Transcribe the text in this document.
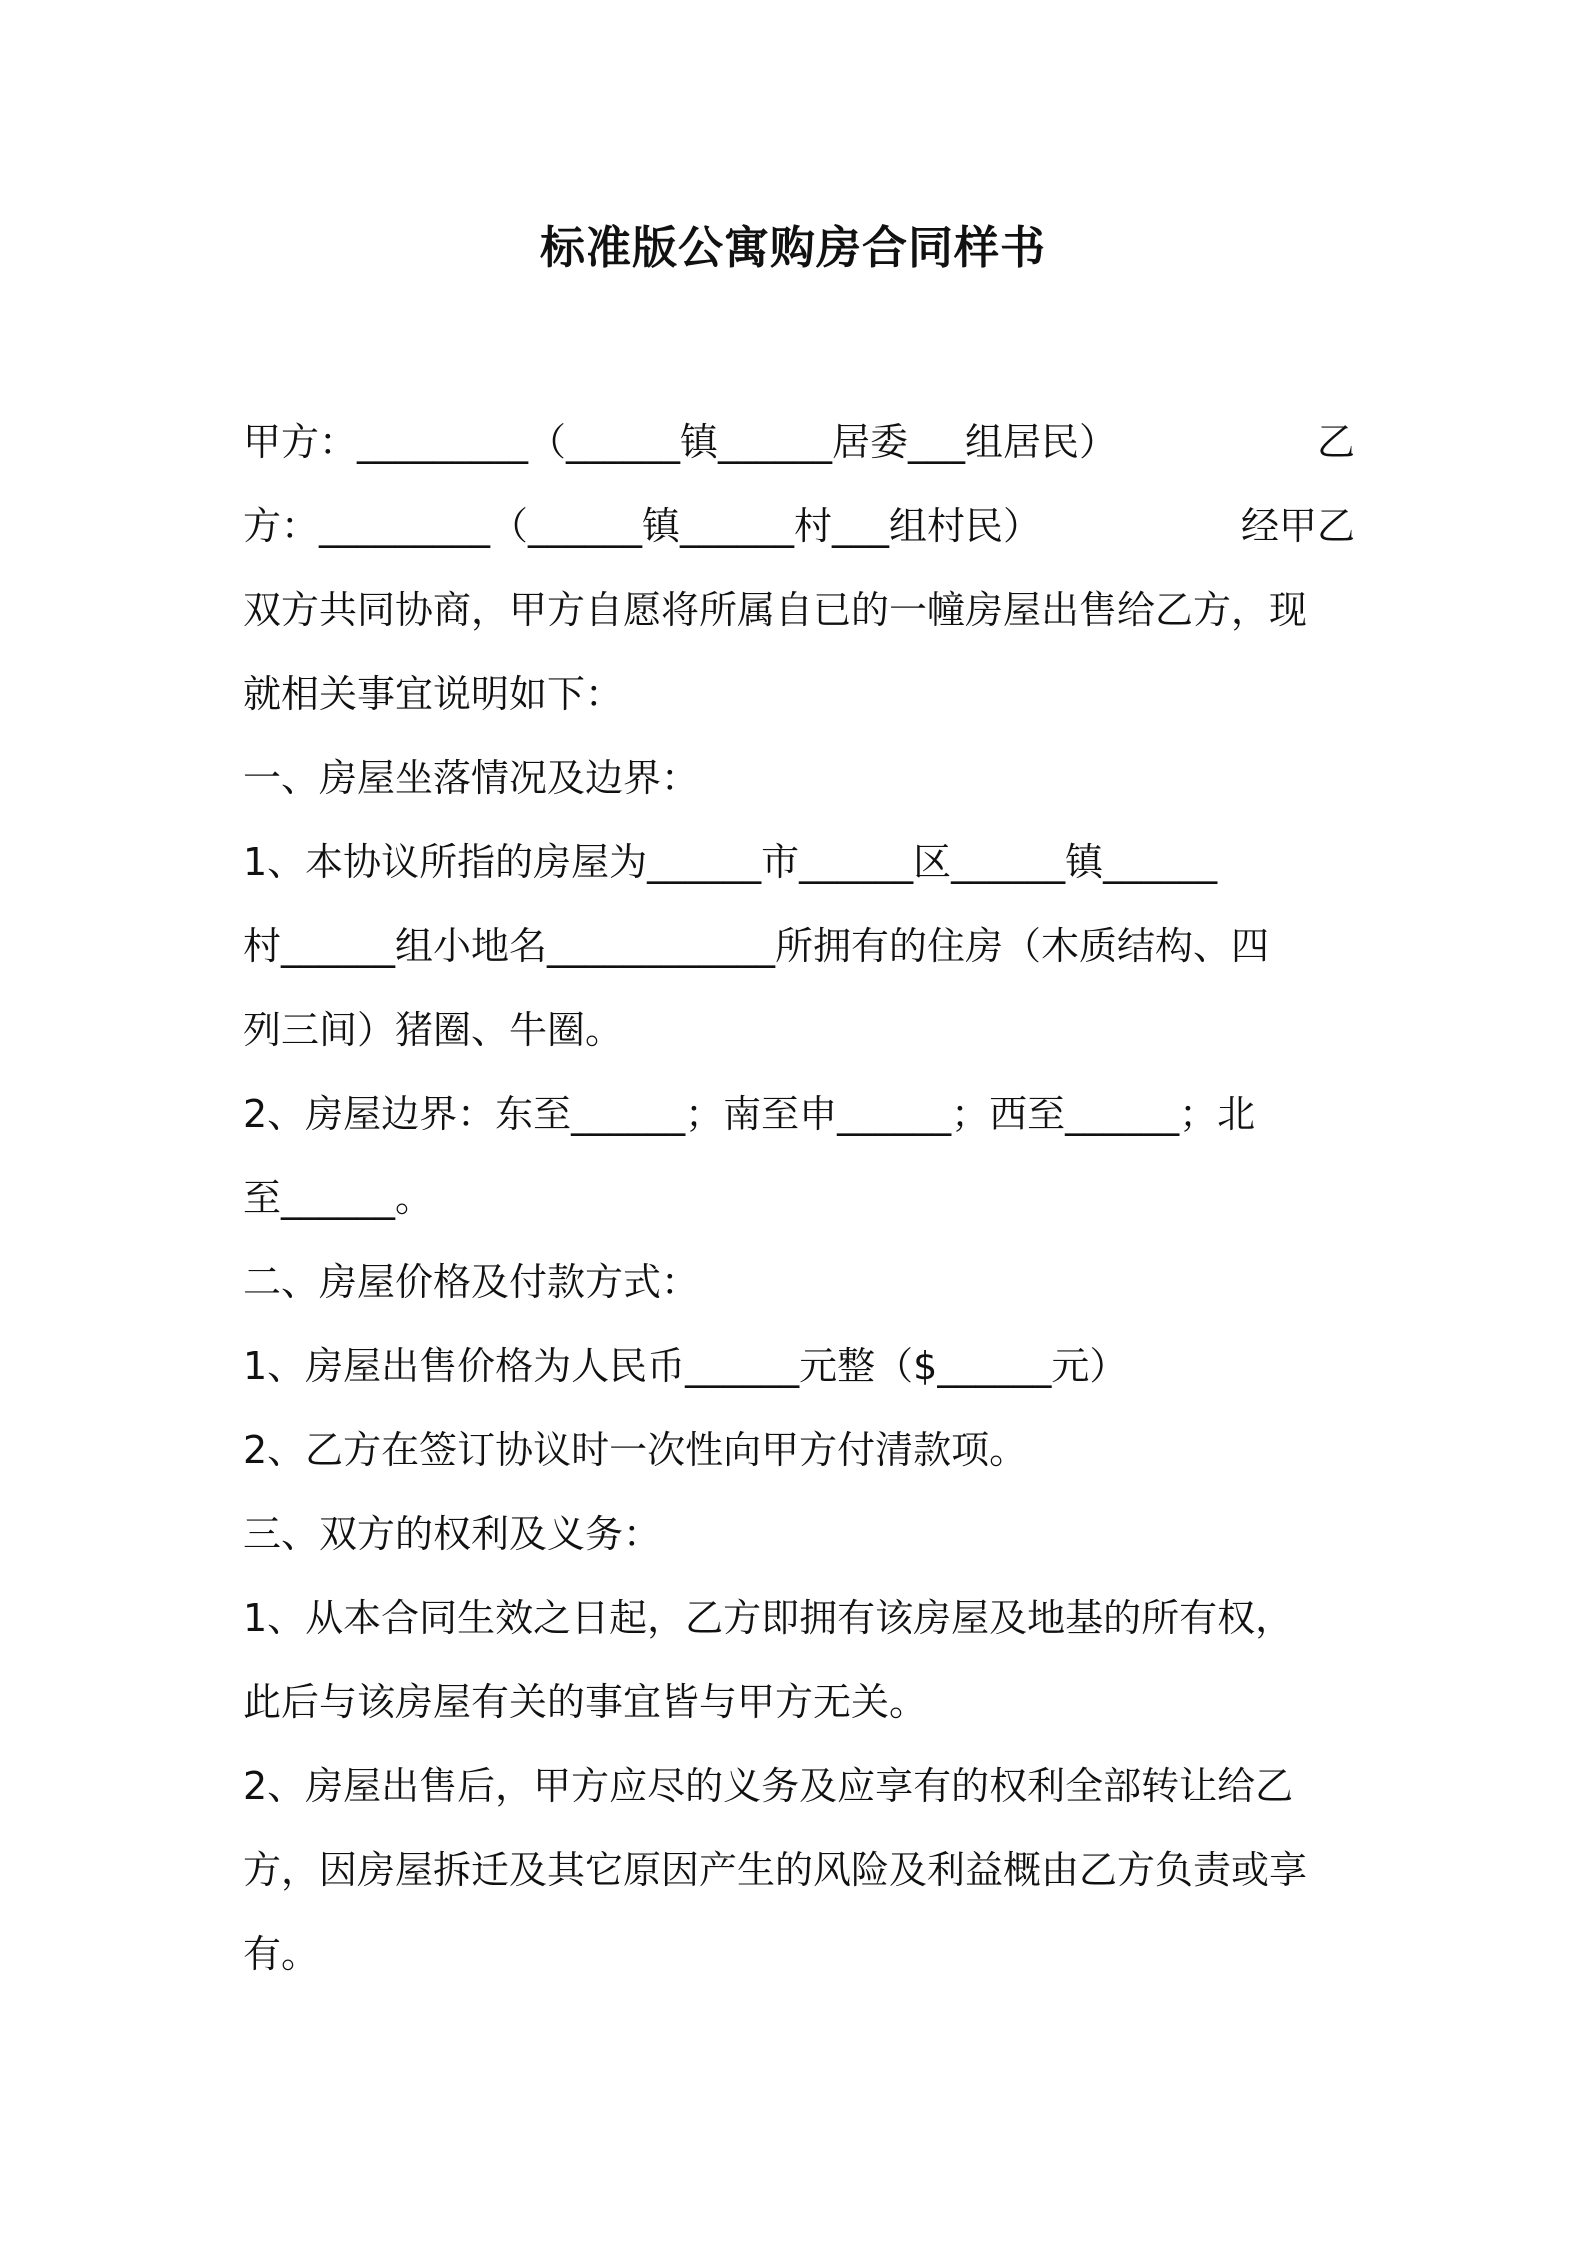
标准版公寓购房合同样书
甲方：_________（______镇______居委___组居民）	乙
方：_________（______镇______村___组村民）	经甲乙
双方共同协商，甲方自愿将所属自已的一幢房屋出售给乙方，现
就相关事宜说明如下：
一、房屋坐落情况及边界：
1、本协议所指的房屋为______市______区______镇______
村______组小地名____________所拥有的住房（木质结构、四
列三间）猪圈、牛圈。
2、房屋边界：东至______；南至申______；西至______；北
至______。
二、房屋价格及付款方式：
1、房屋出售价格为人民币______元整（$______元）
2、乙方在签订协议时一次性向甲方付清款项。
三、双方的权利及义务：
1、从本合同生效之日起，乙方即拥有该房屋及地基的所有权，
此后与该房屋有关的事宜皆与甲方无关。
2、房屋出售后，甲方应尽的义务及应享有的权利全部转让给乙
方，因房屋拆迁及其它原因产生的风险及利益概由乙方负责或享
有。
